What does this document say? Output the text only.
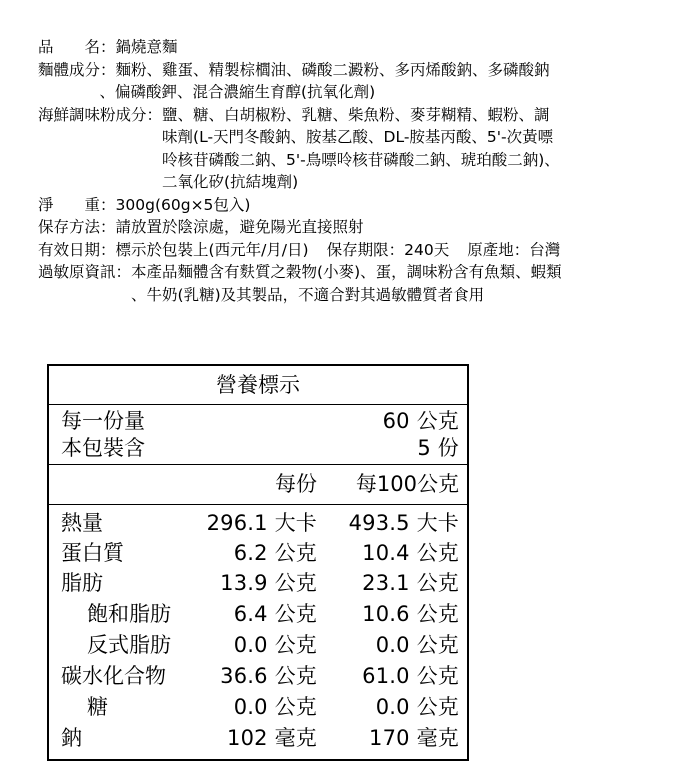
品　　名 ： 鍋燒意麵
麵體成分 ： 麵粉、雞蛋、精製棕櫚油、磷酸二澱粉、多丙烯酸鈉、多磷酸鈉
、偏磷酸鉀、混合濃縮生育醇(抗氧化劑)
海鮮調味粉成分 ： 鹽、糖、白胡椒粉、乳糖、柴魚粉、麥芽糊精、蝦粉、調
味劑(L-天門冬酸鈉、胺基乙酸、DL-胺基丙酸、5'-次黃嘌
呤核苷磷酸二鈉、5'-鳥嘌呤核苷磷酸二鈉、琥珀酸二鈉)、
二氧化矽(抗結塊劑)
淨　　重 ： 300g(60g×5包入)
保存方法 ： 請放置於陰涼處，避免陽光直接照射
有效日期 ： 標示於包裝上(西元年/月/日) 保存期限 ： 240天 原產地 ： 台灣
過敏原資訊 ： 本產品麵體含有麩質之穀物(小麥)、蛋，調味粉含有魚類、蝦類
、牛奶(乳糖)及其製品，不適合對其過敏體質者食用
營養標示
每一份量	60 公克
本包裝含	5 份
每份 每100公克
熱量	296.1 大卡 493.5 大卡
蛋白質	6.2 公克 10.4 公克
脂肪	13.9 公克 23.1 公克
飽和脂肪	6.4 公克 10.6 公克
反式脂肪	0.0 公克	0.0 公克
碳水化合物	36.6 公克 61.0 公克
糖	0.0 公克	0.0 公克
鈉	102 毫克 170 毫克
